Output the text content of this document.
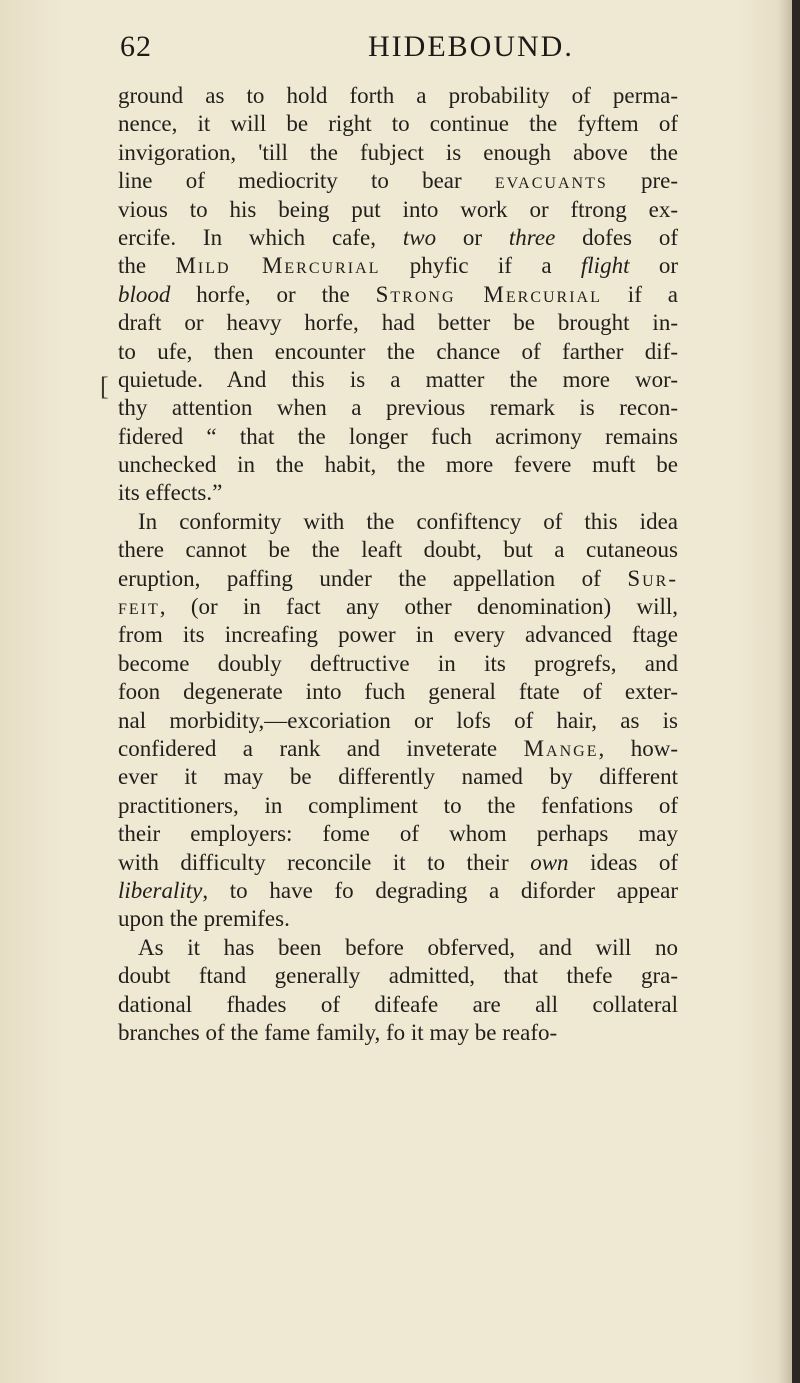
62	HIDEBOUND.
[
ground as to hold forth a probability of perma-
nence, it will be right to continue the fyftem of
invigoration, 'till the fubject is enough above the
line of mediocrity to bear evacuants pre-
vious to his being put into work or ftrong ex-
ercife. In which cafe, two or three dofes of
the Mild Mercurial phyfic if a flight or
blood horfe, or the Strong Mercurial if a
draft or heavy horfe, had better be brought in-
to ufe, then encounter the chance of farther dif-
quietude. And this is a matter the more wor-
thy attention when a previous remark is recon-
fidered “ that the longer fuch acrimony remains
unchecked in the habit, the more fevere muft be
its effects.”
In conformity with the confiftency of this idea
there cannot be the leaft doubt, but a cutaneous
eruption, paffing under the appellation of Sur-
feit, (or in fact any other denomination) will,
from its increafing power in every advanced ftage
become doubly deftructive in its progrefs, and
foon degenerate into fuch general ftate of exter-
nal morbidity,—excoriation or lofs of hair, as is
confidered a rank and inveterate Mange, how-
ever it may be differently named by different
practitioners, in compliment to the fenfations of
their employers: fome of whom perhaps may
with difficulty reconcile it to their own ideas of
liberality, to have fo degrading a diforder appear
upon the premifes.
As it has been before obferved, and will no
doubt ftand generally admitted, that thefe gra-
dational fhades of difeafe are all collateral
branches of the fame family, fo it may be reafo-
